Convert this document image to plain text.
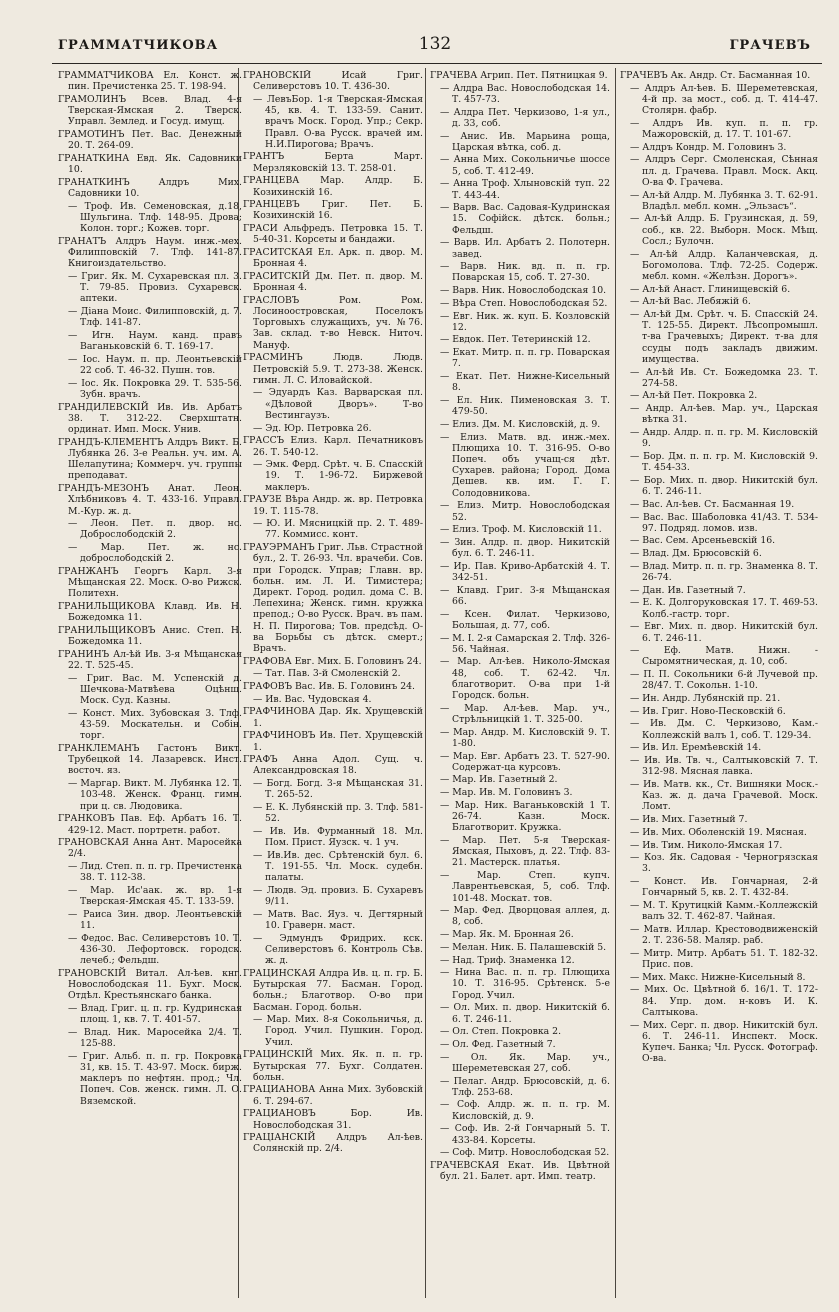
ГРАММАТЧИКОВА	132	ГРАЧЕВЪ
ГРАММАТЧИКОВА Ел. Конст. ж. пин. Пречистенка 25. Т. 198-94.
ГРАМОЛИНЪ Всев. Влад. 4-я Тверская-Ямская 2. Тверск. Управл. Землед. и Госуд. имущ.
ГРАМОТИНЪ Пет. Вас. Денежный 20. Т. 264-09.
ГРАНАТКИНА Евд. Як. Садовники 10.
ГРАНАТКИНЪ Алдръ Мих. Садовники 10.
— Троф. Ив. Семеновская, д.18, Шульгина. Тлф. 148-95. Дрова; Колон. торг.; Кожев. торг.
ГРАНАТЪ Алдръ Наум. инж.-мех. Филипповскій 7. Тлф. 141-87. Книгоиздательство.
— Григ. Як. М. Сухаревская пл. 3. Т. 79-85. Провиз. Сухаревск. аптеки.
— Діана Моис. Филипповскій, д. 7. Тлф. 141-87.
— Игн. Наум. канд. правъ Ваганьковскій 6. Т. 169-17.
— Іос. Наум. п. пр. Леонтьевскій 22 соб. Т. 46-32. Пушн. тов.
— Іос. Як. Покровка 29. Т. 535-56. Зубн. врачъ.
ГРАНДИЛЕВСКІЙ Ив. Ив. Арбатъ 38. Т. 312-22. Сверхштатн. ординат. Имп. Моск. Унив.
ГРАНДЪ-КЛЕМЕНТЪ Алдръ Викт. Б. Лубянка 26. 3-е Реальн. уч. им. А. Шелапутина; Коммерч. уч. группы преподават.
ГРАНДЪ-МЕЗОНЪ Анат. Леон. Хлѣбниковъ 4. Т. 433-16. Управл. М.-Кур. ж. д.
— Леон. Пет. п. двор. нс. Доброслободскій 2.
— Мар. Пет. ж. нс. доброслободскій 2.
ГРАНЖАНЪ Георгъ Карл. 3-я Мѣщанская 22. Моск. О-во Рижск. Политехн.
ГРАНИЛЬЩИКОВА Клавд. Ив. Н. Божедомка 11.
ГРАНИЛЬЩИКОВЪ Анис. Степ. Н. Божедомка 11.
ГРАНИНЪ Ал-ѣй Ив. 3-я Мѣщанская 22. Т. 525-45.
— Григ. Вас. М. Успенскій д. Шечкова-Матвѣева Оцѣнщ. Моск. Суд. Казны.
— Конст. Мих. Зубовская 3. Тлф. 43-59. Москательн. и Собін. торг.
ГРАНКЛЕМАНЪ Гастонъ Викт. Трубецкой 14. Лазаревск. Инст. восточ. яз.
— Маргар. Викт. М. Лубянка 12. Т. 103-48. Женск. Франц. гимн. при ц. св. Людовика.
ГРАНКОВЪ Пав. Еф. Арбатъ 16. Т. 429-12. Маст. портретн. работ.
ГРАНОВСКАЯ Анна Ант. Маросейка 2/4.
— Лид. Степ. п. п. гр. Пречистенка 38. Т. 112-38.
— Мар. Ис'аак. ж. вр. 1-я Тверская-Ямская 45. Т. 133-59.
— Раиса Зин. двор. Леонтьевскій 11.
— Федос. Вас. Селиверстовъ 10. Т. 436-30. Лефортовск. городск. лечеб.; Фельдш.
ГРАНОВСКІЙ Витал. Ал-ѣев. кнг. Новослободская 11. Бухг. Моск. Отдѣл. Крестьянскаго банка.
— Влад. Григ. ц. п. гр. Кудринская площ. 1, кв. 7. Т. 401-57.
— Влад. Ник. Маросейка 2/4. Т. 125-88.
— Григ. Альб. п. п. гр. Покровка 31, кв. 15. Т. 43-97. Моск. бирж. маклеръ по нефтян. прод.; Чл. Попеч. Сов. женск. гимн. Л. О. Вяземской.
ГРАНОВСКІЙ Исай Григ. Селиверстовъ 10. Т. 436-30.
— ЛевъБор. 1-я Тверская-Ямская 45, кв. 4. Т. 133-59. Санит. врачъ Моск. Город. Упр.; Секр. Правл. О-ва Русск. врачей им. Н.И.Пирогова; Врачъ.
ГРАНТЪ Берта Март. Мерзляковскій 13. Т. 258-01.
ГРАНЦЕВА Мар. Алдр. Б. Козихинскій 16.
ГРАНЦЕВЪ Григ. Пет. Б. Козихинскій 16.
ГРАСИ Альфредъ. Петровка 15. Т. 5-40-31. Корсеты и бандажи.
ГРАСИТСКАЯ Ел. Арк. п. двор. М. Бронная 4.
ГРАСИТСКІЙ Дм. Пет. п. двор. М. Бронная 4.
ГРАСЛОВЪ Ром. Ром. Лосиноостровская, Поселокъ Торговыхъ служащихъ, уч. №76. Зав. склад. т-во Невск. Ниточ. Мануф.
ГРАСМИНЪ Людв. Людв. Петровскій 5.9. Т. 273-38. Женск. гимн. Л. С. Иловайской.
— Эдуардъ Каз. Варварская пл. «Дѣловой Дворъ». Т-во Вестингаузъ.
— Эд. Юр. Петровка 26.
ГРАССЪ Елиз. Карл. Печатниковъ 26. Т. 540-12.
— Эмк. Ферд. Срѣт. ч. Б. Спасскій 19. Т. 1-96-72. Биржевой маклеръ.
ГРАУЗЕ Вѣра Андр. ж. вр. Петровка 19. Т. 115-78.
— Ю. И. Мясницкій пр. 2. Т. 489-77. Коммисс. конт.
ГРАУЭРМАНЪ Григ. Льв. Страстной бул., 2. Т. 26-93. Чл. врачеби. Сов. при Городск. Управ; Главн. вр. больн. им. Л. И. Тимистера; Директ. Город. родил. дома С. В. Лепехина; Женск. гимн. кружка препод.; О-во Русск. Врач. въ пам. Н. П. Пирогова; Тов. предсѣд. О-ва Борьбы съ дѣтск. смерт.; Врачъ.
ГРАФОВА Евг. Мих. Б. Головинъ 24.
— Тат. Пав. 3-й Смоленскій 2.
ГРАФОВЪ Вас. Ив. Б. Головинъ 24.
— Ив. Вас. Чудовская 4.
ГРАФЧИНОВА Дар. Як. Хрущевскій 1.
ГРАФЧИНОВЪ Ив. Пет. Хрущевскій 1.
ГРАФЪ Анна Адол. Сущ. ч. Александровская 18.
— Богд. Богд. 3-я Мѣщанская 31. Т. 265-52.
— Е. К. Лубянскій пр. 3. Тлф. 581-52.
— Ив. Ив. Фурманный 18. Мл. Пом. Прист. Яузск. ч. 1 уч.
— Ив.Ив. дес. Срѣтенскій бул. 6. Т. 191-55. Чл. Моск. судебн. палаты.
— Людв. Эд. провиз. Б. Сухаревъ 9/11.
— Матв. Вас. Яуз. ч. Дегтярный 10. Граверн. маст.
— Эдмундъ Фридрих. кск. Селиверстовъ 6. Контроль Сѣв. ж. д.
ГРАЦИНСКАЯ Алдра Ив. ц. п. гр. Б. Бутырская 77. Басман. Город. больн.; Благотвор. О-во при Басман. Город. больн.
— Мар. Мих. 8-я Сокольничья, д. Город. Учил. Пушкин. Город. Учил.
ГРАЦИНСКІЙ Мих. Як. п. п. гр. Бутырская 77. Бухг. Солдатен. больн.
ГРАЦИАНОВА Анна Мих. Зубовскій 6. Т. 294-67.
ГРАЦИАНОВЪ Бор. Ив. Новослободская 31.
ГРАЦІАНСКІЙ Алдръ Ал-ѣев. Солянскій пр. 2/4.
ГРАЧЕВА Агрип. Пет. Пятницкая 9.
— Алдра Вас. Новослободская 14. Т. 457-73.
— Алдра Пет. Черкизово, 1-я ул., д. 33, соб.
— Анис. Ив. Марьина роща, Царская вѣтка, соб. д.
— Анна Мих. Сокольничье шоссе 5, соб. Т. 412-49.
— Анна Троф. Хлыновскій туп. 22 Т. 443-44.
— Варв. Вас. Садовая-Кудринская 15. Софійск. дѣтск. больн.; Фельдш.
— Варв. Ил. Арбатъ 2. Полотерн. завед.
— Варв. Ник. вд. п. п. гр. Поварская 15, соб. Т. 27-30.
— Варв. Ник. Новослободская 10.
— Вѣра Степ. Новослободская 52.
— Евг. Ник. ж. куп. Б. Козловскій 12.
— Евдок. Пет. Тетеринскій 12.
— Екат. Митр. п. п. гр. Поварская 7.
— Екат. Пет. Нижне-Кисельный 8.
— Ел. Ник. Пименовская 3. Т. 479-50.
— Елиз. Дм. М. Кисловскій, д. 9.
— Елиз. Матв. вд. инж.-мех. Плющиха 10. Т. 316-95. О-во Попеч. объ учащ-ся дѣт. Сухарев. района; Город. Дома Дешев. кв. им. Г. Г. Солодовникова.
— Елиз. Митр. Новослободская 52.
— Елиз. Троф. М. Кисловскій 11.
— Зин. Алдр. п. двор. Никитскій бул. 6. Т. 246-11.
— Ир. Пав. Криво-Арбатскій 4. Т. 342-51.
— Клавд. Григ. 3-я Мѣщанская 66.
— Ксен. Филат. Черкизово, Большая, д. 77, соб.
— М. І. 2-я Самарская 2. Тлф. 326-56. Чайная.
— Мар. Ал-ѣев. Николо-Ямская 48, соб. Т. 62-42. Чл. благотворит. О-ва при 1-й Городск. больн.
— Мар. Ал-ѣев. Мар. уч., Стрѣльницкій 1. Т. 325-00.
— Мар. Андр. М. Кисловскій 9. Т. 1-80.
— Мар. Евг. Арбатъ 23. Т. 527-90. Содержат-ца курсовъ.
— Мар. Ив. Газетный 2.
— Мар. Ив. М. Головинъ 3.
— Мар. Ник. Ваганьковскій 1 Т. 26-74. Казн. Моск. Благотворит. Кружка.
— Мар. Пет. 5-я Тверская-Ямская, Пыховъ, д. 22. Тлф. 83-21. Мастерск. платья.
— Мар. Степ. купч. Лаврентьевская, 5, соб. Тлф. 101-48. Москат. тов.
— Мар. Фед. Дворцовая аллея, д. 8, соб.
— Мар. Як. М. Бронная 26.
— Мелан. Ник. Б. Палашевскій 5.
— Над. Триф. Знаменка 12.
— Нина Вас. п. п. гр. Плющиха 10. Т. 316-95. Срѣтенск. 5-е Город. Учил.
— Ол. Мих. п. двор. Никитскій б. 6. Т. 246-11.
— Ол. Степ. Покровка 2.
— Ол. Фед. Газетный 7.
— Ол. Як. Мар. уч., Шереметевская 27, соб.
— Пелаг. Андр. Брюсовскій, д. 6. Тлф. 253-68.
— Соф. Алдр. ж. п. п. гр. М. Кисловскій, д. 9.
— Соф. Ив. 2-й Гончарный 5. Т. 433-84. Корсеты.
— Соф. Митр. Новослободская 52.
ГРАЧЕВСКАЯ Екат. Ив. Цвѣтной бул. 21. Балет. арт. Имп. театр.
ГРАЧЕВЪ Ак. Андр. Ст. Басманная 10.
— Алдръ Ал-ѣев. Б. Шереметевская, 4-й пр. за мост., соб. д. Т. 414-47. Столярн. фабр.
— Алдръ Ив. куп. п. п. гр. Мажоровскій, д. 17. Т. 101-67.
— Алдръ Кондр. М. Головинъ 3.
— Алдръ Серг. Смоленская, Сѣнная пл. д. Грачева. Правл. Моск. Акц. О-ва Ф. Грачева.
— Ал-ѣй Алдр. М. Лубянка 3. Т. 62-91. Владѣл. мебл. комн. „Эльзасъ“.
— Ал-ѣй Алдр. Б. Грузинская, д. 59, соб., кв. 22. Выборн. Моск. Мѣщ. Сосл.; Булочн.
— Ал-ѣй Алдр. Каланчевская, д. Богомолова. Тлф. 72-25. Содерж. мебл. комн. «Желѣзн. Дорогъ».
— Ал-ѣй Анаст. Глинищевскій 6.
— Ал-ѣй Вас. Лебяжій 6.
— Ал-ѣй Дм. Срѣт. ч. Б. Спасскій 24. Т. 125-55. Директ. Лѣсопромышл. т-ва Грачевыхъ; Директ. т-ва для ссуды подъ закладъ движим. имущества.
— Ал-ѣй Ив. Ст. Божедомка 23. Т. 274-58.
— Ал-ѣй Пет. Покровка 2.
— Андр. Ал-ѣев. Мар. уч., Царская вѣтка 31.
— Андр. Алдр. п. п. гр. М. Кисловскій 9.
— Бор. Дм. п. п. гр. М. Кисловскій 9. Т. 454-33.
— Бор. Мих. п. двор. Никитскій бул. 6. Т. 246-11.
— Вас. Ал-ѣев. Ст. Басманная 19.
— Вас. Вас. Шаболовка 41/43. Т. 534-97. Подряд. ломов. изв.
— Вас. Сем. Арсеньевскій 16.
— Влад. Дм. Брюсовскій 6.
— Влад. Митр. п. п. гр. Знаменка 8. Т. 26-74.
— Дан. Ив. Газетный 7.
— Е. К. Долгоруковская 17. Т. 469-53. Колб.-гастр. торг.
— Евг. Мих. п. двор. Никитскій бул. 6. Т. 246-11.
— Еф. Матв. Нижн. - Сыромятническая, д. 10, соб.
— П. П. Сокольники 6-й Лучевой пр. 28/47. Т. Сокольн. 1-10.
— Ин. Андр. Лубянскій пр. 21.
— Ив. Григ. Ново-Песковскій 6.
— Ив. Дм. С. Черкизово, Кам.-Коллежскій валъ 1, соб. Т. 129-34.
— Ив. Ил. Еремѣевскій 14.
— Ив. Ив. Тв. ч., Салтыковскій 7. Т. 312-98. Мясная лавка.
— Ив. Матв. кк., Ст. Вишняки Моск.-Каз. ж. д. дача Грачевой. Моск. Ломт.
— Ив. Мих. Газетный 7.
— Ив. Мих. Оболенскій 19. Мясная.
— Ив. Тим. Николо-Ямская 17.
— Коз. Як. Садовая - Черногрязская 3.
— Конст. Ив. Гончарная, 2-й Гончарный 5, кв. 2. Т. 432-84.
— М. Т. Крутицкій Камм.-Коллежскій валъ 32. Т. 462-87. Чайная.
— Матв. Иллар. Крестоводвиженскій 2. Т. 236-58. Маляр. раб.
— Митр. Митр. Арбатъ 51. Т. 182-32. Прис. пов.
— Мих. Макс. Нижне-Кисельный 8.
— Мих. Ос. Цвѣтной б. 16/1. Т. 172-84. Упр. дом. н-ковъ И. К. Салтыкова.
— Мих. Серг. п. двор. Никитскій бул. 6. Т. 246-11. Инспект. Моск. Купеч. Банка; Чл. Русск. Фотограф. О-ва.
